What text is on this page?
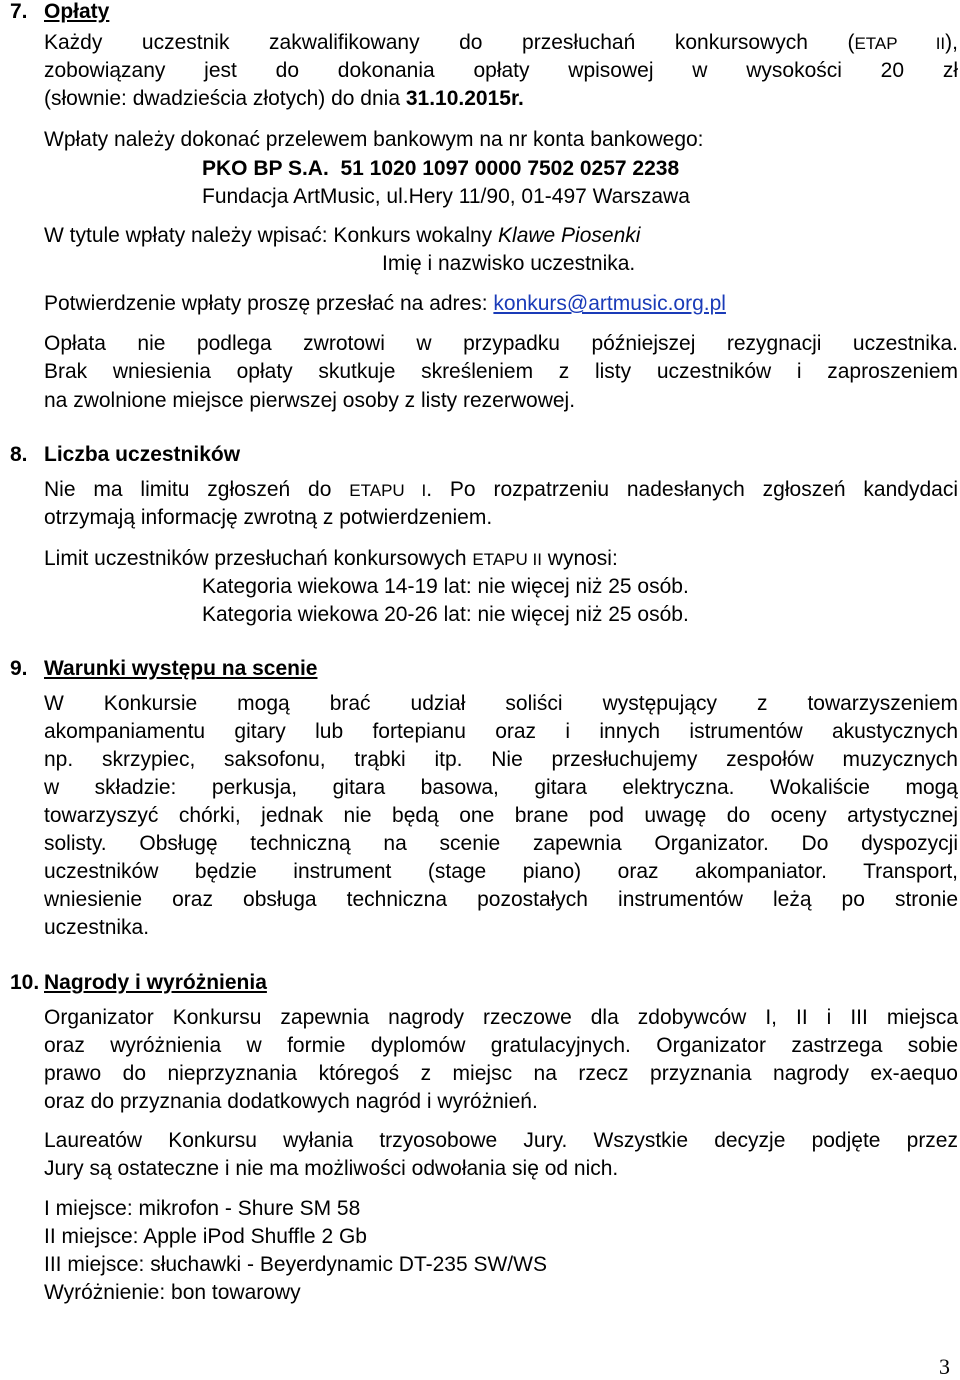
7. Opłaty
Każdy uczestnik zakwalifikowany do przesłuchań konkursowych (ETAP II),
zobowiązany jest do dokonania opłaty wpisowej w wysokości 20 zł
(słownie: dwadzieścia złotych) do dnia 31.10.2015r.
Wpłaty należy dokonać przelewem bankowym na nr konta bankowego:
PKO BP S.A.  51 1020 1097 0000 7502 0257 2238
Fundacja ArtMusic, ul.Hery 11/90, 01-497 Warszawa
W tytule wpłaty należy wpisać: Konkurs wokalny Klawe Piosenki
Imię i nazwisko uczestnika.
Potwierdzenie wpłaty proszę przesłać na adres: konkurs@artmusic.org.pl
Opłata nie podlega zwrotowi w przypadku późniejszej rezygnacji uczestnika.
Brak wniesienia opłaty skutkuje skreśleniem z listy uczestników i zaproszeniem
na zwolnione miejsce pierwszej osoby z listy rezerwowej.
8. Liczba uczestników
Nie ma limitu zgłoszeń do ETAPU I. Po rozpatrzeniu nadesłanych zgłoszeń kandydaci
otrzymają informację zwrotną z potwierdzeniem.
Limit uczestników przesłuchań konkursowych ETAPU II wynosi:
Kategoria wiekowa 14-19 lat: nie więcej niż 25 osób.
Kategoria wiekowa 20-26 lat: nie więcej niż 25 osób.
9. Warunki występu na scenie
W Konkursie mogą brać udział soliści występujący z towarzyszeniem
akompaniamentu gitary lub fortepianu oraz i innych istrumentów akustycznych
np. skrzypiec, saksofonu, trąbki itp. Nie przesłuchujemy zespołów muzycznych
w składzie: perkusja, gitara basowa, gitara elektryczna. Wokaliście mogą
towarzyszyć chórki, jednak nie będą one brane pod uwagę do oceny artystycznej
solisty. Obsługę techniczną na scenie zapewnia Organizator. Do dyspozycji
uczestników będzie instrument (stage piano) oraz akompaniator. Transport,
wniesienie oraz obsługa techniczna pozostałych instrumentów leżą po stronie
uczestnika.
10. Nagrody i wyróżnienia
Organizator Konkursu zapewnia nagrody rzeczowe dla zdobywców I, II i III miejsca
oraz wyróżnienia w formie dyplomów gratulacyjnych. Organizator zastrzega sobie
prawo do nieprzyznania któregoś z miejsc na rzecz przyznania nagrody ex-aequo
oraz do przyznania dodatkowych nagród i wyróżnień.
Laureatów Konkursu wyłania trzyosobowe Jury. Wszystkie decyzje podjęte przez
Jury są ostateczne i nie ma możliwości odwołania się od nich.
I miejsce: mikrofon - Shure SM 58
II miejsce: Apple iPod Shuffle 2 Gb
III miejsce: słuchawki - Beyerdynamic DT-235 SW/WS
Wyróżnienie: bon towarowy
3
